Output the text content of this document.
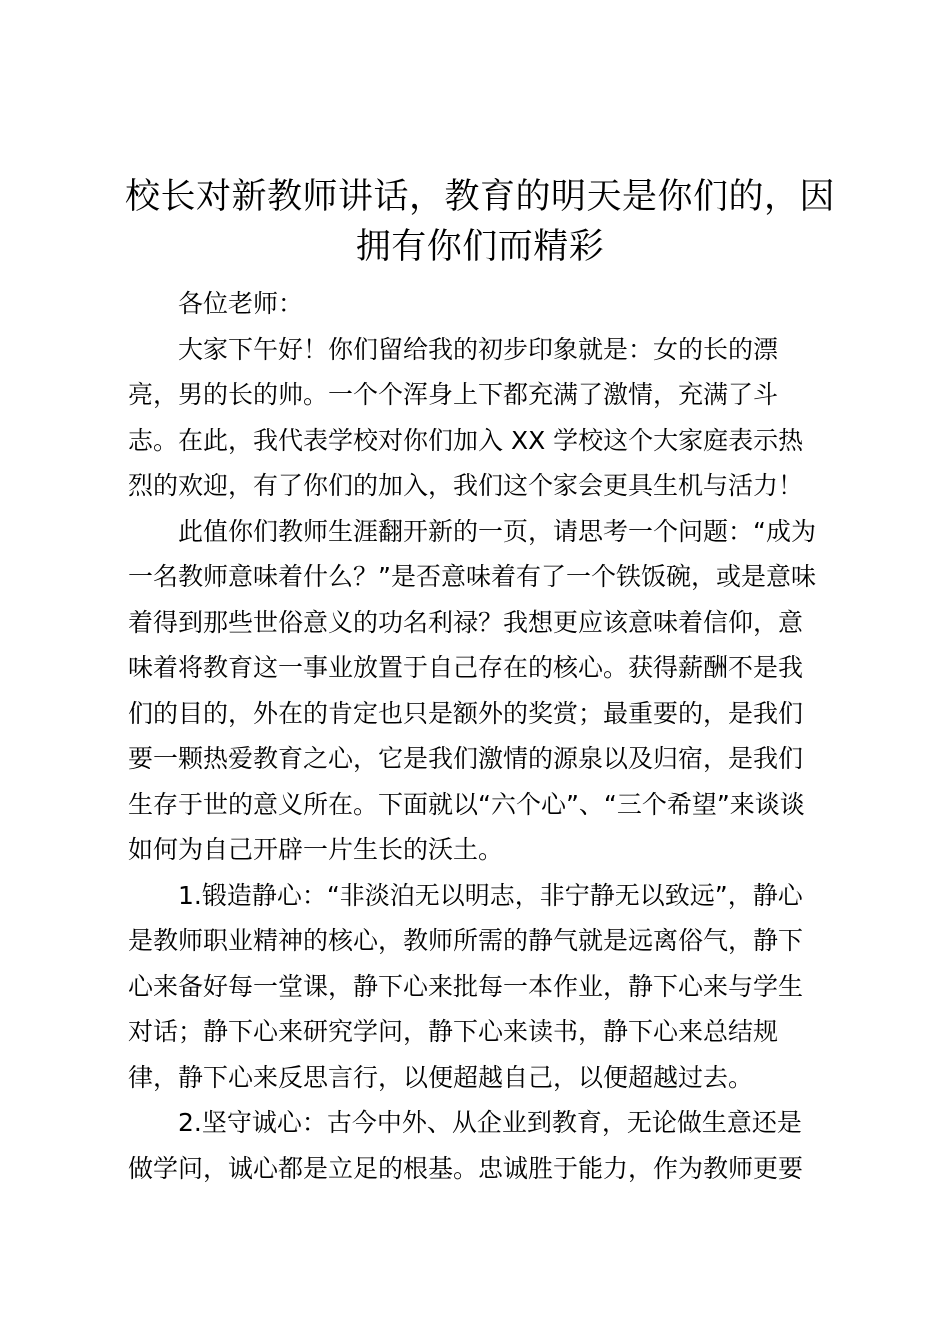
校长对新教师讲话，教育的明天是你们的，因
拥有你们而精彩
各位老师：
大家下午好！你们留给我的初步印象就是：女的长的漂
亮，男的长的帅。一个个浑身上下都充满了激情，充满了斗
志。在此，我代表学校对你们加入 XX 学校这个大家庭表示热
烈的欢迎，有了你们的加入，我们这个家会更具生机与活力！
此值你们教师生涯翻开新的一页，请思考一个问题：“成为
一名教师意味着什么？”是否意味着有了一个铁饭碗，或是意味
着得到那些世俗意义的功名利禄？我想更应该意味着信仰，意
味着将教育这一事业放置于自己存在的核心。获得薪酬不是我
们的目的，外在的肯定也只是额外的奖赏；最重要的，是我们
要一颗热爱教育之心，它是我们激情的源泉以及归宿，是我们
生存于世的意义所在。下面就以“六个心”、“三个希望”来谈谈
如何为自己开辟一片生长的沃土。
1.锻造静心：“非淡泊无以明志，非宁静无以致远”，静心
是教师职业精神的核心，教师所需的静气就是远离俗气，静下
心来备好每一堂课，静下心来批每一本作业，静下心来与学生
对话；静下心来研究学问，静下心来读书，静下心来总结规
律，静下心来反思言行，以便超越自己，以便超越过去。
2.坚守诚心：古今中外、从企业到教育，无论做生意还是
做学问，诚心都是立足的根基。忠诚胜于能力，作为教师更要
